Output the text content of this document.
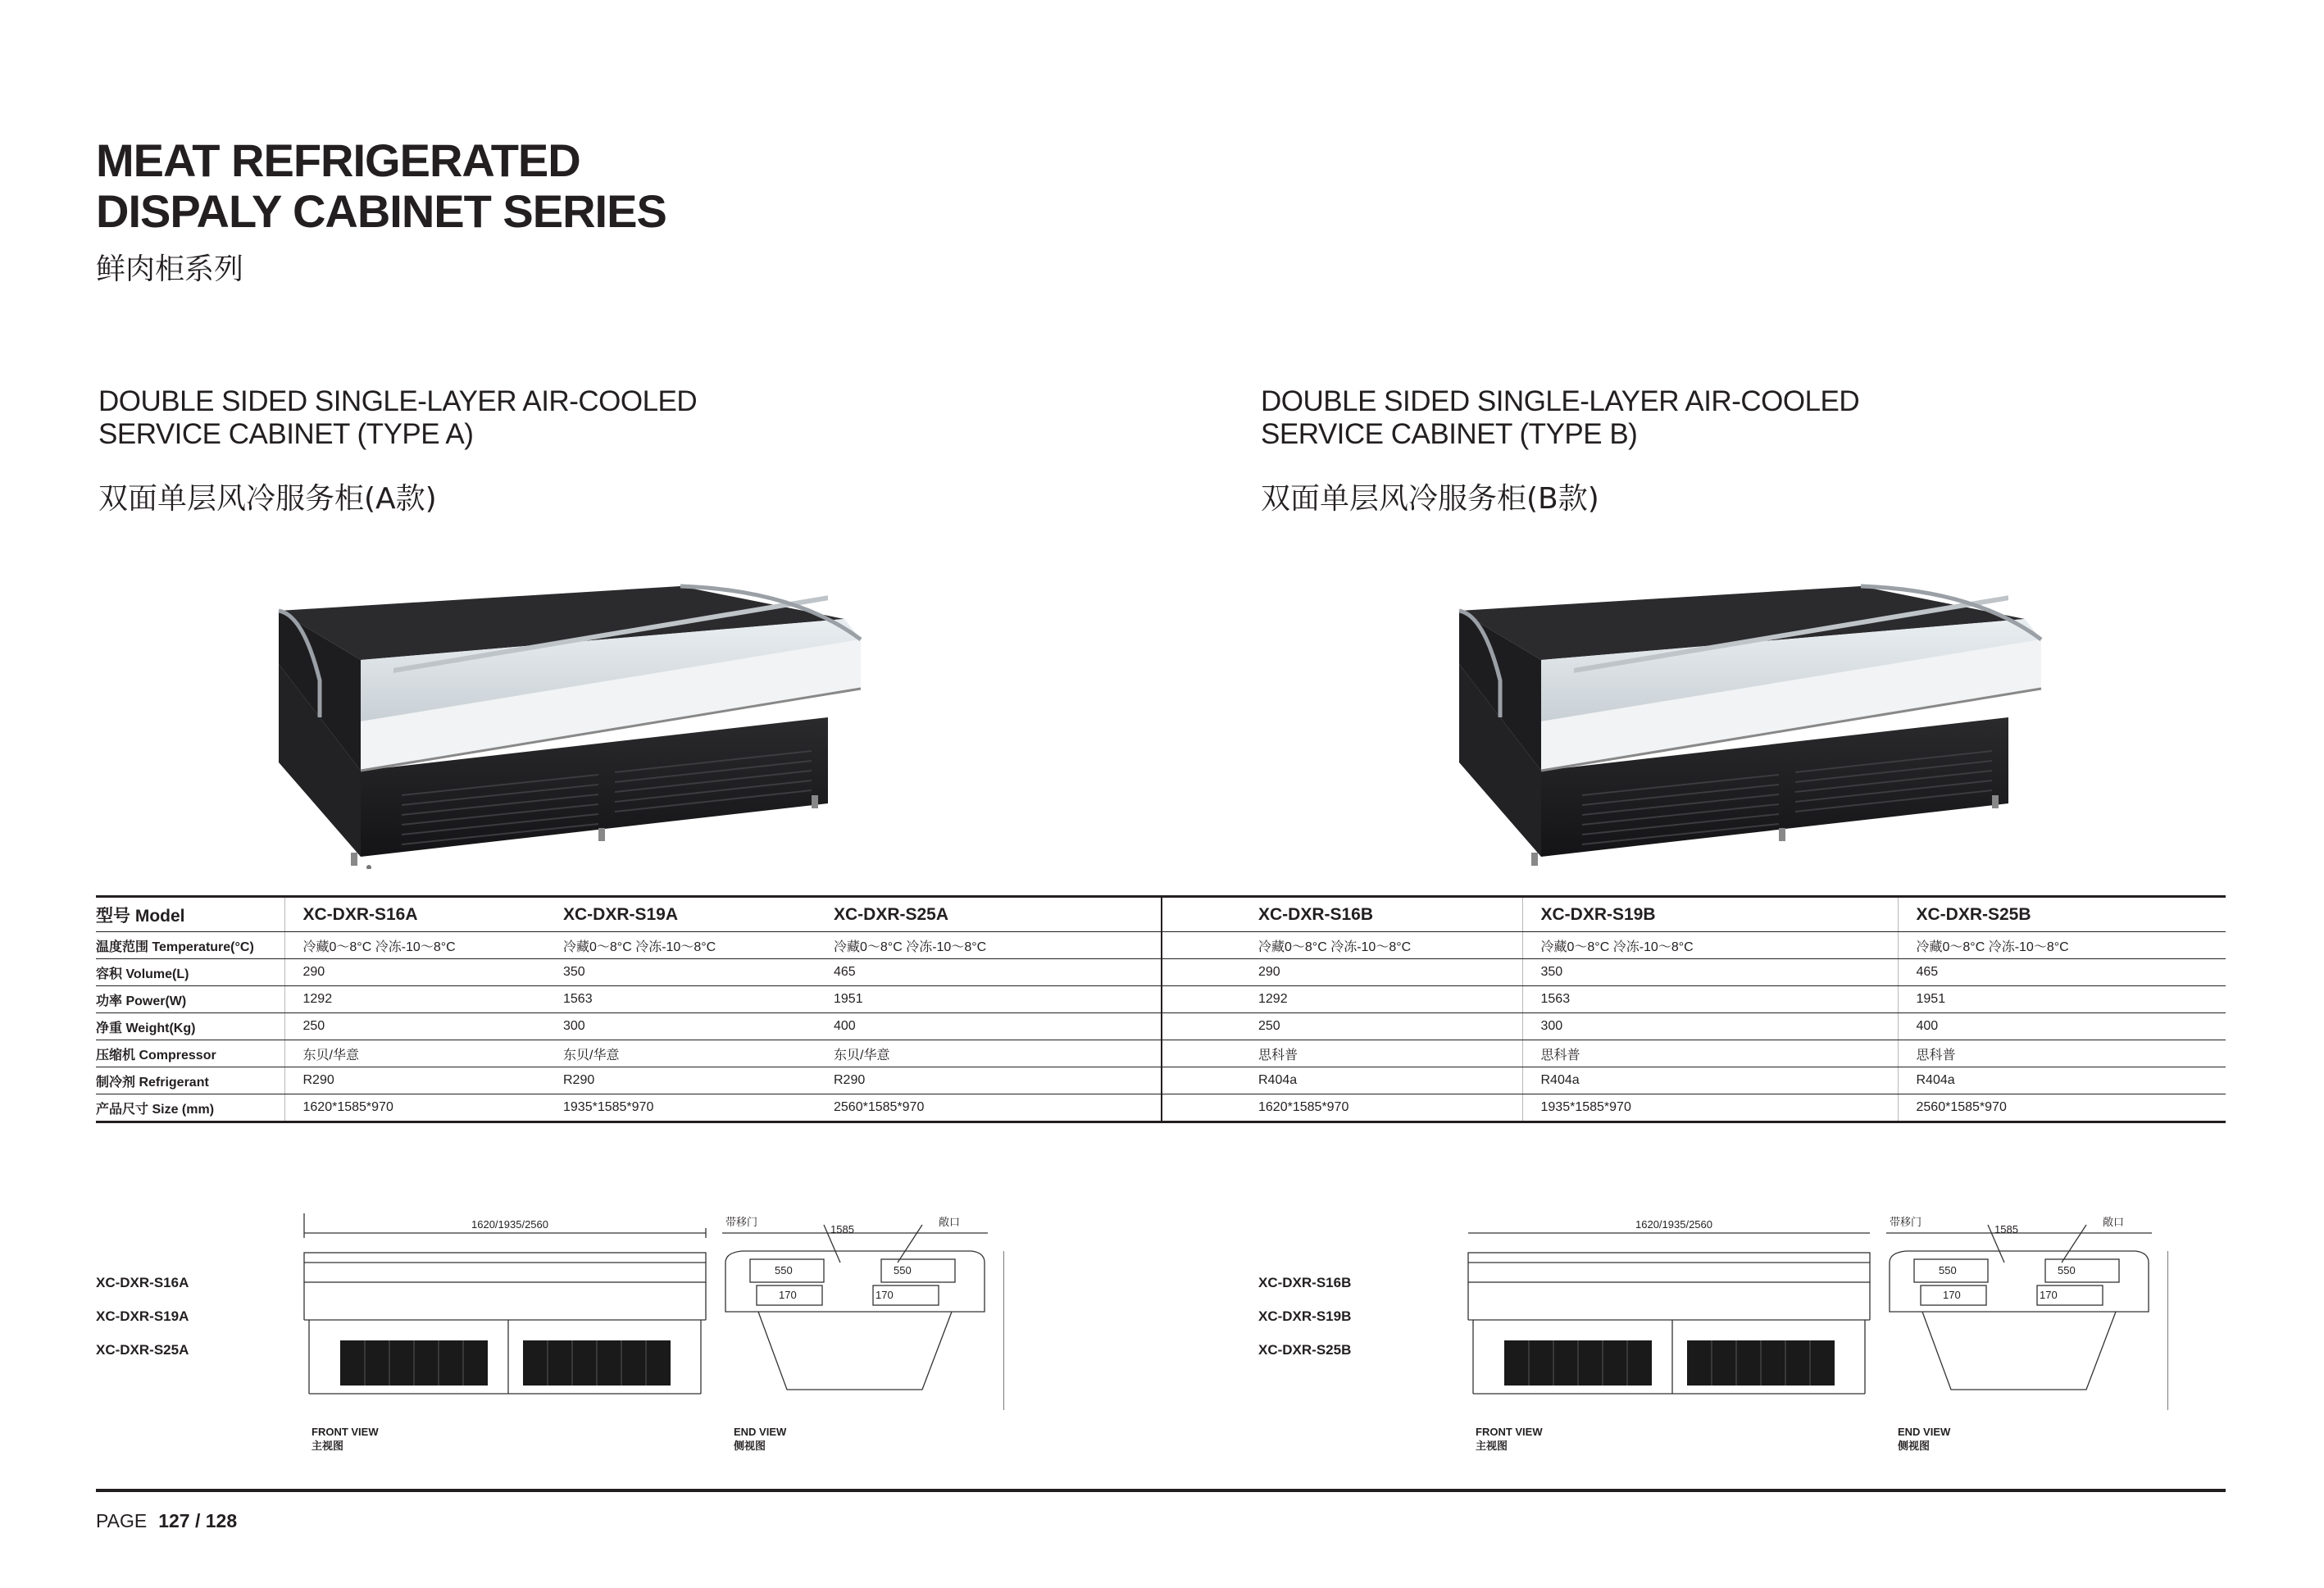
MEAT REFRIGERATED
DISPALY CABINET SERIES
鲜肉柜系列
DOUBLE SIDED SINGLE-LAYER AIR-COOLED
SERVICE CABINET (TYPE A)
双面单层风冷服务柜(A款)
DOUBLE SIDED SINGLE-LAYER AIR-COOLED
SERVICE CABINET (TYPE B)
双面单层风冷服务柜(B款)
型号 Model	XC-DXR-S16A	XC-DXR-S19A	XC-DXR-S25A	XC-DXR-S16B	XC-DXR-S19B	XC-DXR-S25B
温度范围 Temperature(°C)	冷藏0～8°C 冷冻-10～8°C	冷藏0～8°C 冷冻-10～8°C	冷藏0～8°C 冷冻-10～8°C	冷藏0～8°C 冷冻-10～8°C	冷藏0～8°C 冷冻-10～8°C	冷藏0～8°C 冷冻-10～8°C
容积 Volume(L)	290	350	465	290	350	465
功率 Power(W)	1292	1563	1951	1292	1563	1951
净重 Weight(Kg)	250	300	400	250	300	400
压缩机 Compressor	东贝/华意	东贝/华意	东贝/华意	思科普	思科普	思科普
制冷剂 Refrigerant	R290	R290	R290	R404a	R404a	R404a
产品尺寸 Size (mm)	1620*1585*970	1935*1585*970	2560*1585*970	1620*1585*970	1935*1585*970	2560*1585*970
XC-DXR-S16A
XC-DXR-S19A
XC-DXR-S25A
XC-DXR-S16B
XC-DXR-S19B
XC-DXR-S25B
1620/1935/2560	1585
带移门	敞口
550	550
170	170
FRONT VIEW
主视图
END VIEW
侧视图
1620/1935/2560	1585
带移门	敞口
550	550
170	170
FRONT VIEW
主视图
END VIEW
侧视图
PAGE 127 / 128
